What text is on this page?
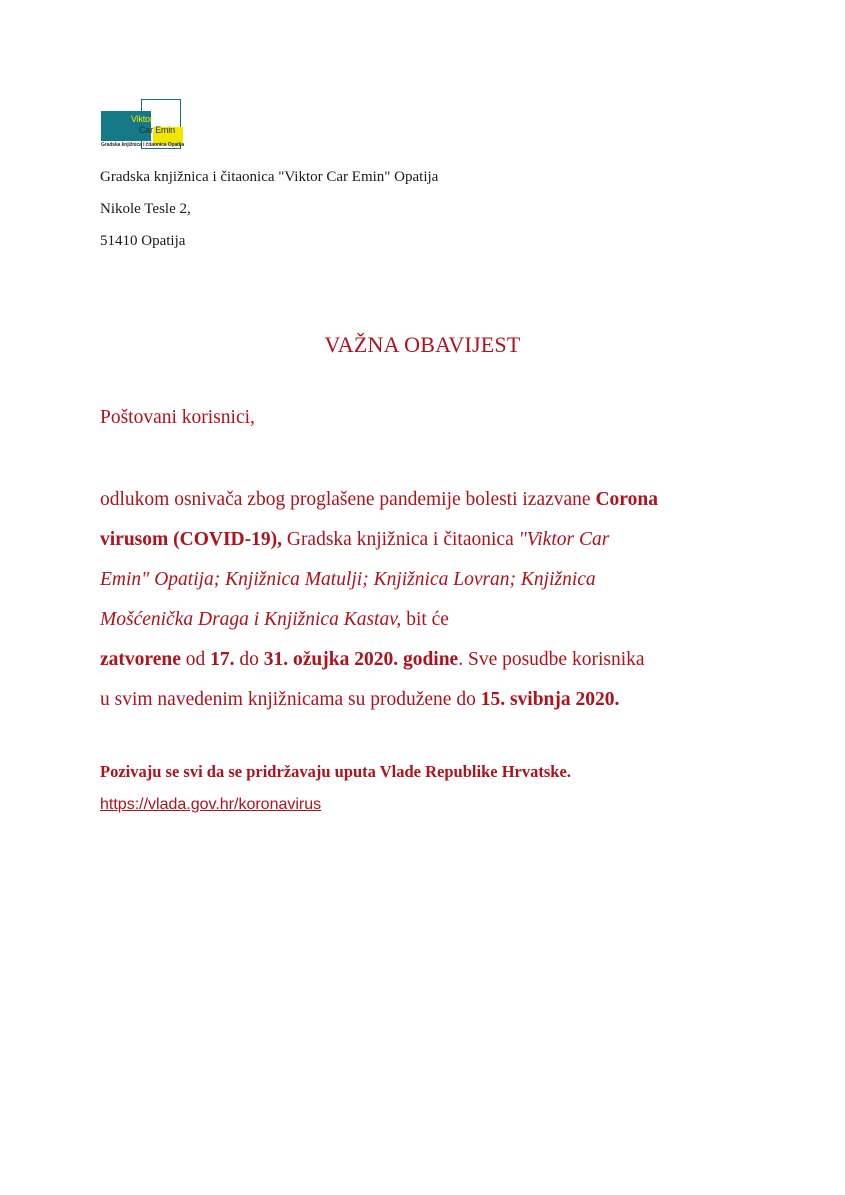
Viktor
Car Emin
Gradska knjižnica i čitaonica Opatija
Gradska knjižnica i čitaonica "Viktor Car Emin" Opatija
Nikole Tesle 2,
51410 Opatija
VAŽNA OBAVIJEST
Poštovani korisnici,
odlukom osnivača zbog proglašene pandemije bolesti izazvane Corona
virusom (COVID-19), Gradska knjižnica i čitaonica "Viktor Car
Emin" Opatija; Knjižnica Matulji; Knjižnica Lovran; Knjižnica
Mošćenička Draga i Knjižnica Kastav, bit će
zatvorene od 17. do 31. ožujka 2020. godine. Sve posudbe korisnika
u svim navedenim knjižnicama su produžene do 15. svibnja 2020.
Pozivaju se svi da se pridržavaju uputa Vlade Republike Hrvatske.
https://vlada.gov.hr/koronavirus
